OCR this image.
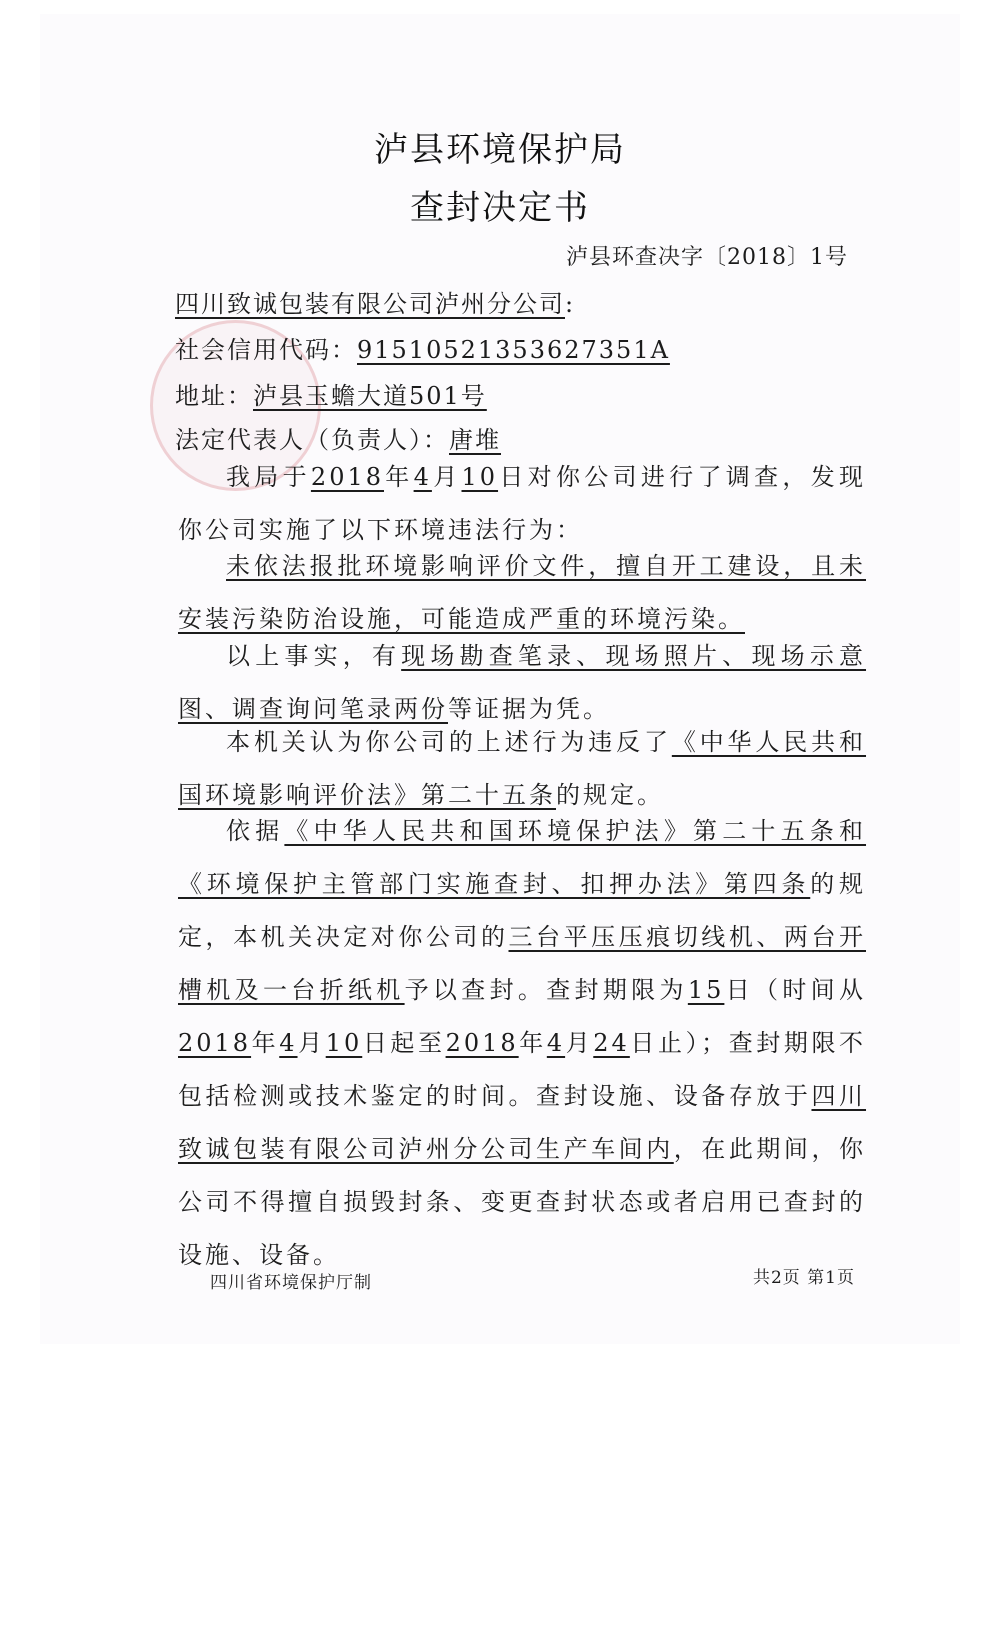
泸县环境保护局
查封决定书
泸县环查决字〔2018〕1号
四川致诚包装有限公司泸州分公司:
社会信用代码：91510521353627351A
地址：泸县玉蟾大道501号
法定代表人（负责人）：唐堆
我局于2018年4月10日对你公司进行了调查，发现你公司实施了以下环境违法行为：
未依法报批环境影响评价文件，擅自开工建设，且未安装污染防治设施，可能造成严重的环境污染。
以上事实，有现场勘查笔录、现场照片、现场示意图、调查询问笔录两份等证据为凭。
本机关认为你公司的上述行为违反了《中华人民共和国环境影响评价法》第二十五条的规定。
依据《中华人民共和国环境保护法》第二十五条和《环境保护主管部门实施查封、扣押办法》第四条的规定，本机关决定对你公司的三台平压压痕切线机、两台开槽机及一台折纸机予以查封。查封期限为15日（时间从2018年4月10日起至2018年4月24日止）；查封期限不包括检测或技术鉴定的时间。查封设施、设备存放于四川致诚包装有限公司泸州分公司生产车间内，在此期间，你公司不得擅自损毁封条、变更查封状态或者启用已查封的设施、设备。
四川省环境保护厅制	共2页 第1页
